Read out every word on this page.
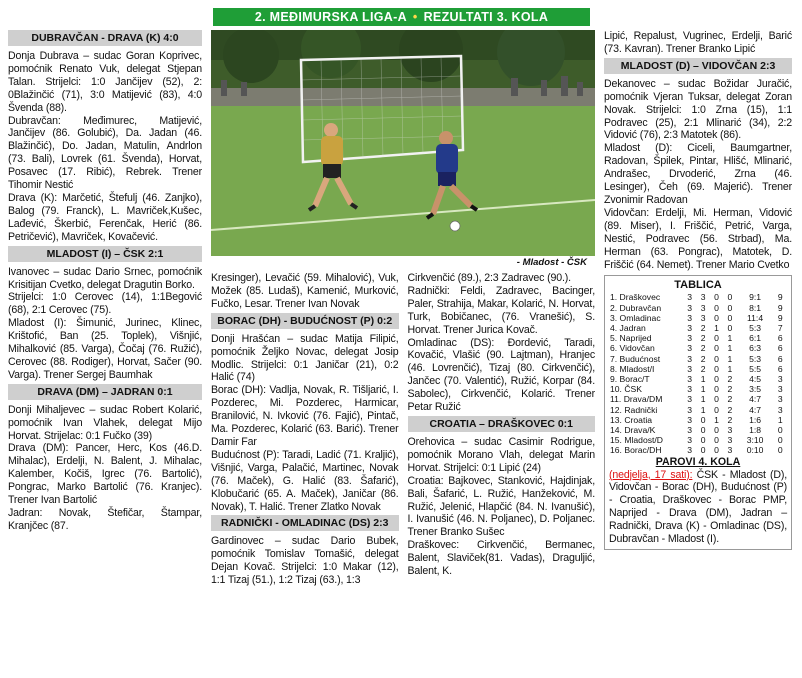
2. MEĐIMURSKA LIGA-A • REZULTATI 3. KOLA
DUBRAVČAN - DRAVA (K) 4:0

Donja Dubrava – sudac Goran Koprivec, pomoćnik Renato Vuk, delegat Stjepan Talan. Strijelci: 1:0 Jančijev (52), 2: 0Blažinčić (71), 3:0 Matijević (83), 4:0 Švenda (88).

Dubravčan: Međimurec, Matijević, Jančijev (86. Golubić), Da. Jadan (46. Blažinčić), Do. Jadan, Matulin, Andrlon (73. Bali), Lovrek (61. Švenda), Horvat, Posavec (17. Ribić), Rebrek. Trener Tihomir Nestić

Drava (K): Marčetić, Štefulj (46. Zanjko), Balog (79. Franck), L. Mavriček,Kušec, Lađević, Škerbić, Ferenčak, Herić (86. Petričević), Mavriček, Kovačević.

MLADOST (I) – ČSK 2:1

Ivanovec – sudac Dario Srnec, pomoćnik Krisitijan Cvetko, delegat Dragutin Borko.

Strijelci: 1:0 Cerovec (14), 1:1Begović (68), 2:1 Cerovec (75).

Mladost (I): Šimunić, Jurinec, Klinec, Krištofić, Ban (25. Toplek), Višnjić, Mihalković (85. Varga), Čočaj (76. Ružić), Cerovec (88. Rodiger), Horvat, Sačer (90. Varga). Trener Sergej Baumhak

DRAVA (DM) – JADRAN 0:1

Donji Mihaljevec – sudac Robert Kolarić, pomoćnik Ivan Vlahek, delegat Mijo Horvat. Strijelac: 0:1 Fučko (39)

Drava (DM): Pancer, Herc, Kos (46.D. Mihalac), Erdelji, N. Balent, J. Mihalac, Kalember, Kočiš, Igrec (76. Bartolić), Pongrac, Marko Bartolić (76. Kranjec). Trener Ivan Bartolić

Jadran: Novak, Štefičar, Štampar, Kranjčec (87.

- Mladost - ČSK

Kresinger), Levačić (59. Mihalović), Vuk, Možek (85. Ludaš), Kamenić, Murković, Fučko, Lesar. Trener Ivan Novak

BORAC (DH) - BUDUĆNOST (P) 0:2

Donji Hrašćan – sudac Matija Filipić, pomoćnik Željko Novac, delegat Josip Modlic. Strijelci: 0:1 Janičar (21), 0:2 Halić (74)

Borac (DH): Vadlja, Novak, R. Tišljarić, I. Pozderec, Mi. Pozderec, Harmicar, Branilović, N. Ivković (76. Fajić), Pintač, Ma. Pozderec, Kolarić (63. Barić). Trener Damir Far

Budućnost (P): Taradi, Ladić (71. Kraljić), Višnjić, Varga, Palačić, Martinec, Novak (76. Maček), G. Halić (83. Šafarić), Klobučarić (65. A. Maček), Janičar (86. Novak), T. Halić. Trener Zlatko Novak

RADNIČKI - OMLADINAC (DS) 2:3

Gardinovec – sudac Dario Bubek, pomoćnik Tomislav Tomašić, delegat Dejan Kovač. Strijelci: 1:0 Makar (12), 1:1 Tizaj (51.), 1:2 Tizaj (63.), 1:3

Cirkvenčić (89.), 2:3 Zadravec (90.).

Radnički: Feldi, Zadravec, Bacinger, Paler, Strahija, Makar, Kolarić, N. Horvat, Turk, Bobičanec, (76. Vranešić), S. Horvat. Trener Jurica Kovač.

Omladinac (DS): Đordević, Taradi, Kovačić, Vlašić (90. Lajtman), Hranjec (46. Lovrenčić), Tizaj (80. Cirkvenčić), Jančec (70. Valentić), Ružić, Korpar (84. Sabolec), Cirkvenčić, Kolarić. Trener Petar Ružić

CROATIA – DRAŠKOVEC 0:1

Orehovica – sudac Casimir Rodrigue, pomoćnik Morano Vlah, delegat Marin Horvat. Strijelci: 0:1 Lipić (24)

Croatia: Bajkovec, Stanković, Hajdinjak, Bali, Šafarić, L. Ružić, Hanžeković, M. Ružić, Jelenić, Hlapčić (84. N. Ivanušić), I. Ivanušić (46. N. Poljanec), D. Poljanec. Trener Branko Sušec

Draškovec: Cirkvenčić, Bermanec, Balent, Slaviček(81. Vadas), Draguljić, Balent, K.

Lipić, Repalust, Vugrinec, Erdelji, Barić (73. Kavran). Trener Branko Lipić

MLADOST (D) – VIDOVČAN 2:3

Dekanovec – sudac Božidar Juračić, pomoćnik Vjeran Tuksar, delegat Zoran Novak. Strijelci: 1:0 Zrna (15), 1:1 Podravec (25), 2:1 Mlinarić (34), 2:2 Vidović (76), 2:3 Matotek (86).

Mladost (D): Ciceli, Baumgartner, Radovan, Špilek, Pintar, Hlišć, Mlinarić, Andrašec, Drvoderić, Zrna (46. Lesinger), Čeh (69. Majerić). Trener Zvonimir Radovan

Vidovčan: Erdelji, Mi. Herman, Vidović (89. Miser), I. Friščić, Petrić, Varga, Nestić, Podravec (56. Strbad), Ma. Herman (63. Pongrac), Matotek, D. Friščić (64. Nemet). Trener Mario Cvetko

TABLICA
1. Draškovec	3	3	0	0	9:1	9
2. Dubravčan	3	3	0	0	8:1	9
3. Omladinac	3	3	0	0	11:4	9
4. Jadran	3	2	1	0	5:3	7
5. Naprijed	3	2	0	1	6:1	6
6. Vidovčan	3	2	0	1	6:3	6
7. Budućnost	3	2	0	1	5:3	6
8. Mladost/I	3	2	0	1	5:5	6
9. Borac/T	3	1	0	2	4:5	3
10. ČSK	3	1	0	2	3:5	3
11. Drava/DM	3	1	0	2	4:7	3
12. Radnički	3	1	0	2	4:7	3
13. Croatia	3	0	1	2	1:6	1
14. Drava/K	3	0	0	3	1:8	0
15. Mladost/D	3	0	0	3	3:10	0
16. Borac/DH	3	0	0	3	0:10	0
PAROVI 4. KOLA

(nedjelja, 17 sati): ČSK - Mladost (D), Vidovčan - Borac (DH), Budućnost (P) - Croatia, Draškovec - Borac PMP, Naprijed - Drava (DM), Jadran – Radnički, Drava (K) - Omladinac (DS), Dubravčan - Mladost (I).
